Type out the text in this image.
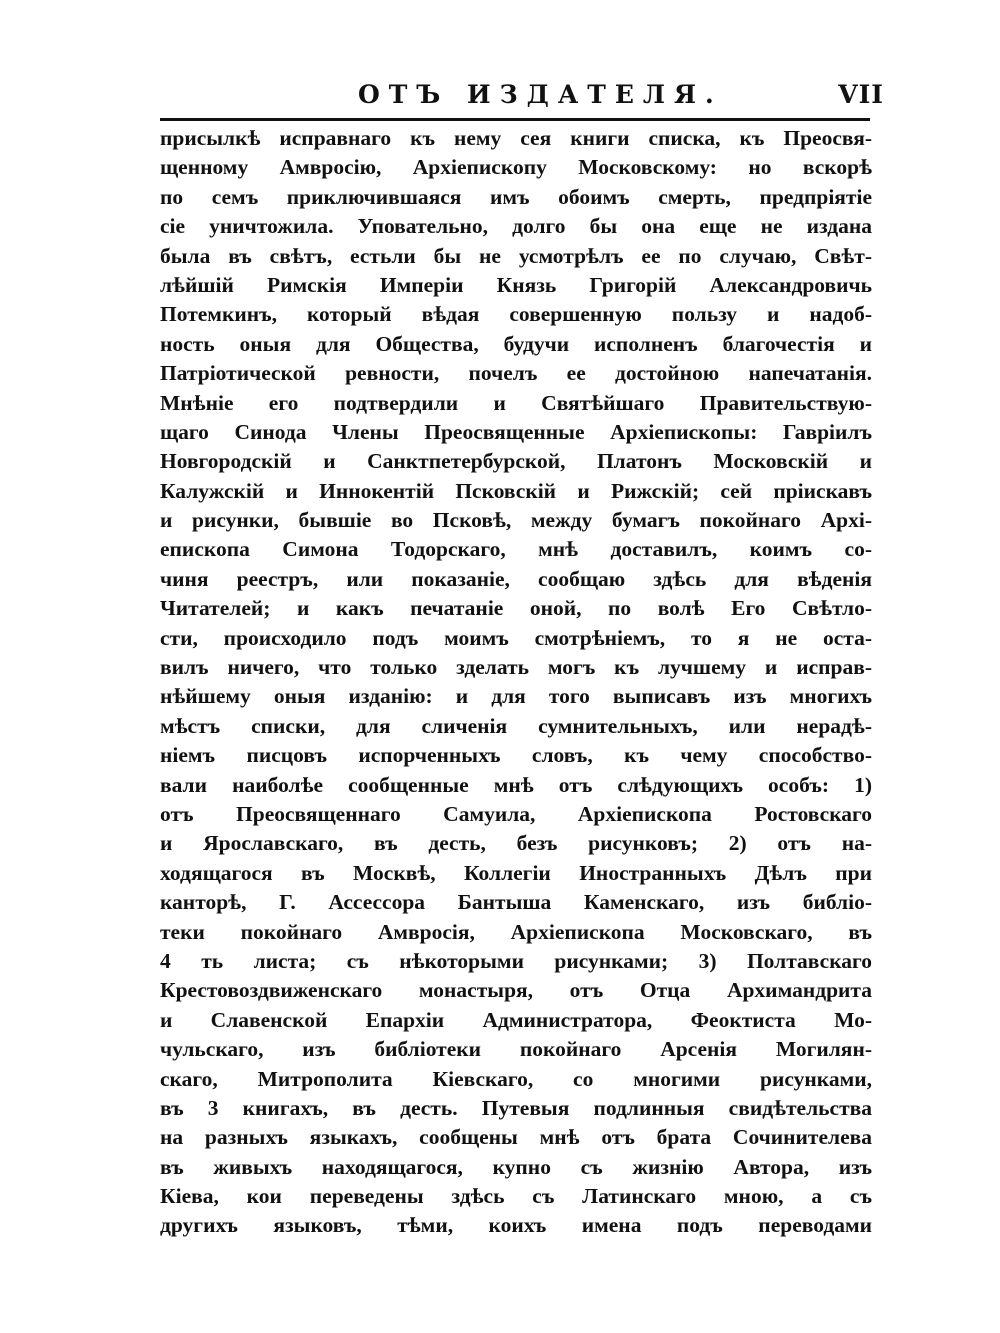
ОТЪ ИЗДАТЕЛЯ.	VII
присылкѣ исправнаго къ нему сея книги списка, къ Преосвя-
щенному Амвросію, Архіепископу Московскому: но вскорѣ
по семъ приключившаяся имъ обоимъ смерть, предпріятіе
сіе уничтожила. Уповательно, долго бы она еще не издана
была въ свѣтъ, естьли бы не усмотрѣлъ ее по случаю, Свѣт-
лѣйшій Римскія Имперіи Князь Григорій Александровичь
Потемкинъ, который вѣдая совершенную пользу и надоб-
ность оныя для Общества, будучи исполненъ благочестія и
Патріотической ревности, почелъ ее достойною напечатанія.
Мнѣніе его подтвердили и Святѣйшаго Правительствую-
щаго Синода Члены Преосвященные Архіепископы: Гавріилъ
Новгородскій и Санктпетербурской, Платонъ Московскій и
Калужскій и Иннокентій Псковскій и Рижскій; сей пріискавъ
и рисунки, бывшіе во Псковѣ, между бумагъ покойнаго Архі-
епископа Симона Тодорскаго, мнѣ доставилъ, коимъ со-
чиня реестръ, или показаніе, сообщаю здѣсь для вѣденія
Читателей; и какъ печатаніе оной, по волѣ Его Свѣтло-
сти, происходило подъ моимъ смотрѣніемъ, то я не оста-
вилъ ничего, что только зделать могъ къ лучшему и исправ-
нѣйшему оныя изданію: и для того выписавъ изъ многихъ
мѣстъ списки, для сличенія сумнительныхъ, или нерадѣ-
ніемъ писцовъ испорченныхъ словъ, къ чему способство-
вали наиболѣе сообщенные мнѣ отъ слѣдующихъ особъ: 1)
отъ Преосвященнаго Самуила, Архіепископа Ростовскаго
и Ярославскаго, въ десть, безъ рисунковъ; 2) отъ на-
ходящагося въ Москвѣ, Коллегіи Иностранныхъ Дѣлъ при
канторѣ, Г. Ассессора Бантыша Каменскаго, изъ библіо-
теки покойнаго Амвросія, Архіепископа Московскаго, въ
4 ть листа; съ нѣкоторыми рисунками; 3) Полтавскаго
Крестовоздвиженскаго монастыря, отъ Отца Архимандрита
и Славенской Епархіи Администратора, Феоктиста Мо-
чульскаго, изъ библіотеки покойнаго Арсенія Могилян-
скаго, Митрополита Кіевскаго, со многими рисунками,
въ 3 книгахъ, въ десть. Путевыя подлинныя свидѣтельства
на разныхъ языкахъ, сообщены мнѣ отъ брата Сочинителева
въ живыхъ находящагося, купно съ жизнію Автора, изъ
Кіева, кои переведены здѣсь съ Латинскаго мною, а съ
другихъ языковъ, тѣми, коихъ имена подъ переводами
